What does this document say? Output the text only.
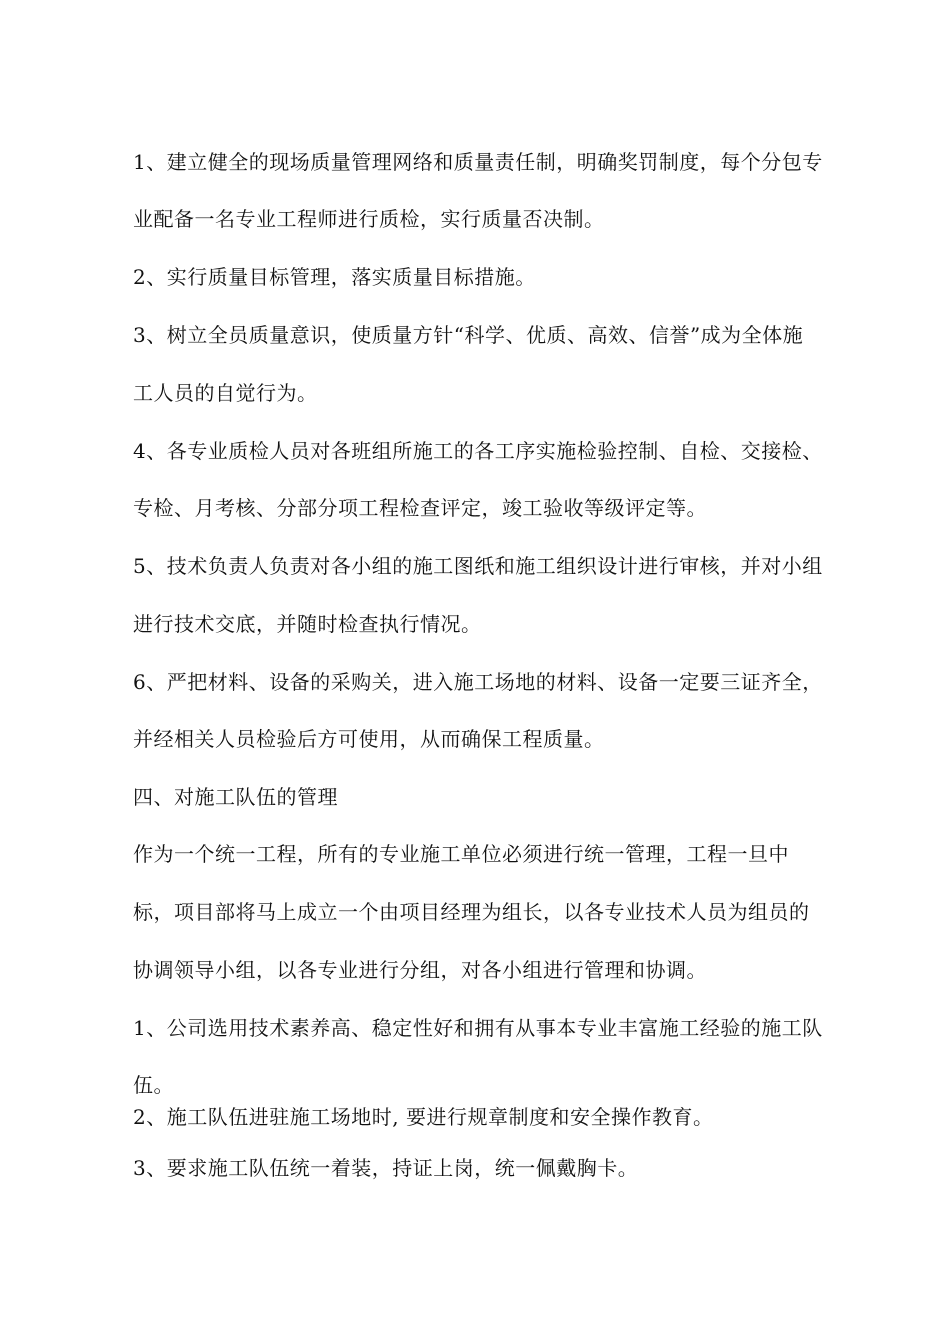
1、建立健全的现场质量管理网络和质量责任制，明确奖罚制度，每个分包专
业配备一名专业工程师进行质检，实行质量否决制。
2、实行质量目标管理，落实质量目标措施。
3、树立全员质量意识，使质量方针“科学、优质、高效、信誉”成为全体施
工人员的自觉行为。
4、各专业质检人员对各班组所施工的各工序实施检验控制、自检、交接检、
专检、月考核、分部分项工程检查评定，竣工验收等级评定等。
5、技术负责人负责对各小组的施工图纸和施工组织设计进行审核，并对小组
进行技术交底，并随时检查执行情况。
6、严把材料、设备的采购关，进入施工场地的材料、设备一定要三证齐全，
并经相关人员检验后方可使用，从而确保工程质量。
四、对施工队伍的管理
作为一个统一工程，所有的专业施工单位必须进行统一管理，工程一旦中
标，项目部将马上成立一个由项目经理为组长，以各专业技术人员为组员的
协调领导小组，以各专业进行分组，对各小组进行管理和协调。
1、公司选用技术素养高、稳定性好和拥有从事本专业丰富施工经验的施工队
伍。
2、施工队伍进驻施工场地时, 要进行规章制度和安全操作教育。
3、要求施工队伍统一着装，持证上岗，统一佩戴胸卡。
